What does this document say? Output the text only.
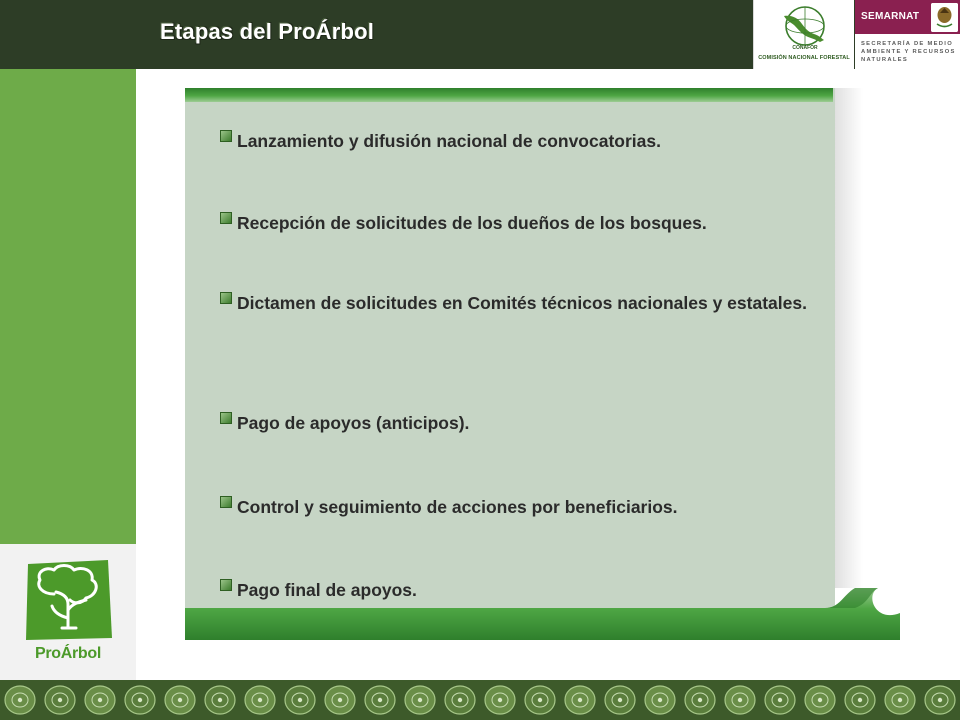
Etapas del ProÁrbol
CONAFOR
COMISIÓN NACIONAL FORESTAL
SEMARNAT
SECRETARÍA DE MEDIO AMBIENTE Y RECURSOS NATURALES
ProÁrbol
Lanzamiento y difusión nacional de convocatorias.
Recepción de solicitudes de los dueños de los bosques.
Dictamen de solicitudes en Comités técnicos nacionales y estatales.
Pago de apoyos (anticipos).
Control y seguimiento de acciones por beneficiarios.
Pago final de apoyos.
